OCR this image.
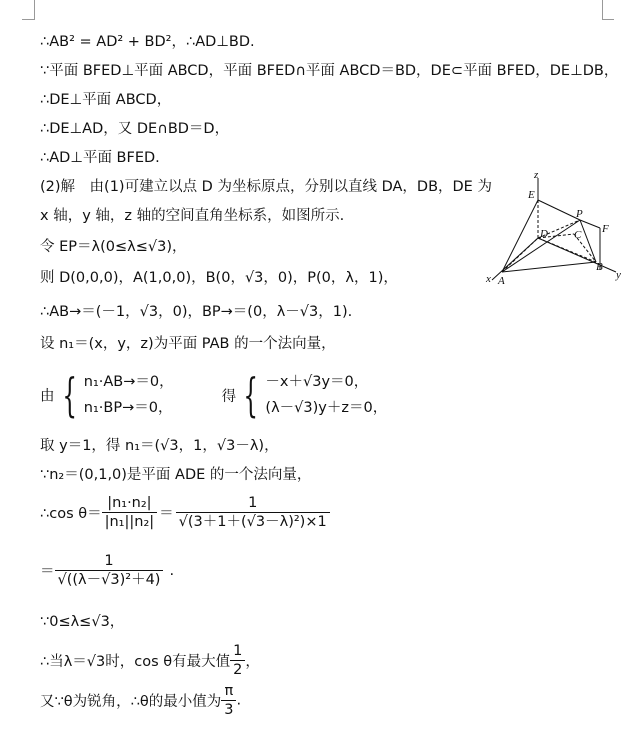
∴AB² = AD² + BD²，∴AD⊥BD.
∵平面 BFED⊥平面 ABCD，平面 BFED∩平面 ABCD＝BD，DE⊂平面 BFED，DE⊥DB，
∴DE⊥平面 ABCD，
∴DE⊥AD，又 DE∩BD＝D，
∴AD⊥平面 BFED.
(2)解　由(1)可建立以点 D 为坐标原点，分别以直线 DA，DB，DE 为
x 轴，y 轴，z 轴的空间直角坐标系，如图所示.
令 EP＝λ(0≤λ≤√3)，
则 D(0,0,0)，A(1,0,0)，B(0，√3，0)，P(0，λ，1)，
∴AB→＝(－1，√3，0)，BP→＝(0，λ－√3，1).
设 n₁＝(x，y，z)为平面 PAB 的一个法向量，
由 { n₁·AB→＝0，
n₁·BP→＝0，
得 { －x＋√3y＝0，
(λ－√3)y＋z＝0，
取 y＝1，得 n₁＝(√3，1，√3－λ)，
∵n₂＝(0,1,0)是平面 ADE 的一个法向量，
∴cos $\theta= \frac{\text{|n₁·n₂|}}{\text{|n₁||n₂|}} = \frac{1}{\text{√(3＋1＋(√3－λ)²)×1}}$
＝ $\frac{1}{\text{√((λ－√3)²＋4)}}$ .
∵0≤λ≤√3，
∴当λ＝√3时，cos θ有最大值 $\frac{1}{2}$ ，
又∵θ为锐角，∴θ的最小值为 $\frac{\pi}{3}$ .
z
E
P
D C F
x A
B
y
